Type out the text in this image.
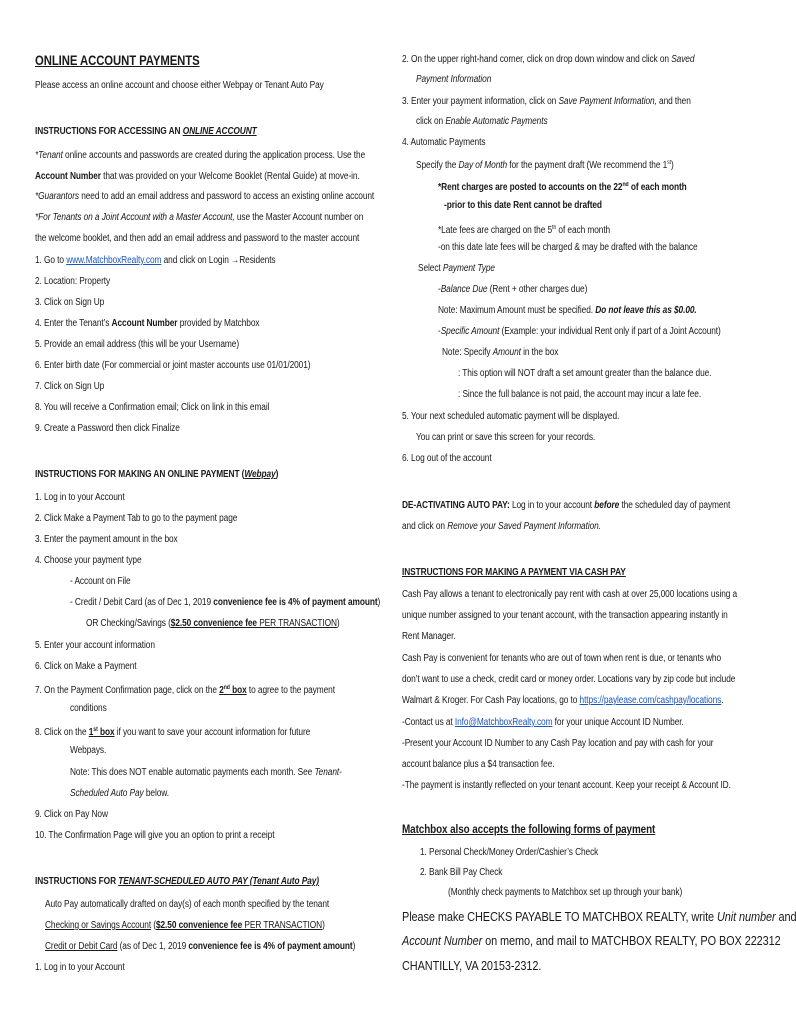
ONLINE ACCOUNT PAYMENTS
Please access an online account and choose either Webpay or Tenant Auto Pay
INSTRUCTIONS FOR ACCESSING AN ONLINE ACCOUNT
*Tenant online accounts and passwords are created during the application process. Use the
Account Number that was provided on your Welcome Booklet (Rental Guide) at move-in.
*Guarantors need to add an email address and password to access an existing online account
*For Tenants on a Joint Account with a Master Account, use the Master Account number on
the welcome booklet, and then add an email address and password to the master account
1. Go to www.MatchboxRealty.com and click on Login →Residents
2. Location: Property
3. Click on Sign Up
4. Enter the Tenant’s Account Number provided by Matchbox
5. Provide an email address (this will be your Username)
6. Enter birth date (For commercial or joint master accounts use 01/01/2001)
7. Click on Sign Up
8. You will receive a Confirmation email; Click on link in this email
9. Create a Password then click Finalize
INSTRUCTIONS FOR MAKING AN ONLINE PAYMENT (Webpay)
1. Log in to your Account
2. Click Make a Payment Tab to go to the payment page
3. Enter the payment amount in the box
4. Choose your payment type
- Account on File
- Credit / Debit Card (as of Dec 1, 2019 convenience fee is 4% of payment amount)
OR Checking/Savings ($2.50 convenience fee PER TRANSACTION)
5. Enter your account information
6. Click on Make a Payment
7. On the Payment Confirmation page, click on the 2nd box to agree to the payment
conditions
8. Click on the 1st box if you want to save your account information for future
Webpays.
Note: This does NOT enable automatic payments each month. See Tenant-
Scheduled Auto Pay below.
9. Click on Pay Now
10. The Confirmation Page will give you an option to print a receipt
INSTRUCTIONS FOR TENANT-SCHEDULED AUTO PAY (Tenant Auto Pay)
Auto Pay automatically drafted on day(s) of each month specified by the tenant
Checking or Savings Account ($2.50 convenience fee PER TRANSACTION)
Credit or Debit Card (as of Dec 1, 2019 convenience fee is 4% of payment amount)
1. Log in to your Account
2. On the upper right-hand corner, click on drop down window and click on Saved
Payment Information
3. Enter your payment information, click on Save Payment Information, and then
click on Enable Automatic Payments
4. Automatic Payments
Specify the Day of Month for the payment draft (We recommend the 1st)
*Rent charges are posted to accounts on the 22nd of each month
-prior to this date Rent cannot be drafted
*Late fees are charged on the 5th of each month
-on this date late fees will be charged & may be drafted with the balance
Select Payment Type
-Balance Due (Rent + other charges due)
Note: Maximum Amount must be specified. Do not leave this as $0.00.
-Specific Amount (Example: your individual Rent only if part of a Joint Account)
Note: Specify Amount in the box
: This option will NOT draft a set amount greater than the balance due.
: Since the full balance is not paid, the account may incur a late fee.
5. Your next scheduled automatic payment will be displayed.
You can print or save this screen for your records.
6. Log out of the account
DE-ACTIVATING AUTO PAY: Log in to your account before the scheduled day of payment
and click on Remove your Saved Payment Information.
INSTRUCTIONS FOR MAKING A PAYMENT VIA CASH PAY
Cash Pay allows a tenant to electronically pay rent with cash at over 25,000 locations using a
unique number assigned to your tenant account, with the transaction appearing instantly in
Rent Manager.
Cash Pay is convenient for tenants who are out of town when rent is due, or tenants who
don’t want to use a check, credit card or money order. Locations vary by zip code but include
Walmart & Kroger. For Cash Pay locations, go to https://paylease.com/cashpay/locations.
-Contact us at Info@MatchboxRealty.com for your unique Account ID Number.
-Present your Account ID Number to any Cash Pay location and pay with cash for your
account balance plus a $4 transaction fee.
-The payment is instantly reflected on your tenant account. Keep your receipt & Account ID.
Matchbox also accepts the following forms of payment
1. Personal Check/Money Order/Cashier’s Check
2. Bank Bill Pay Check
(Monthly check payments to Matchbox set up through your bank)
Please make CHECKS PAYABLE TO MATCHBOX REALTY, write Unit number and
Account Number on memo, and mail to MATCHBOX REALTY, PO BOX 222312
CHANTILLY, VA 20153-2312.
